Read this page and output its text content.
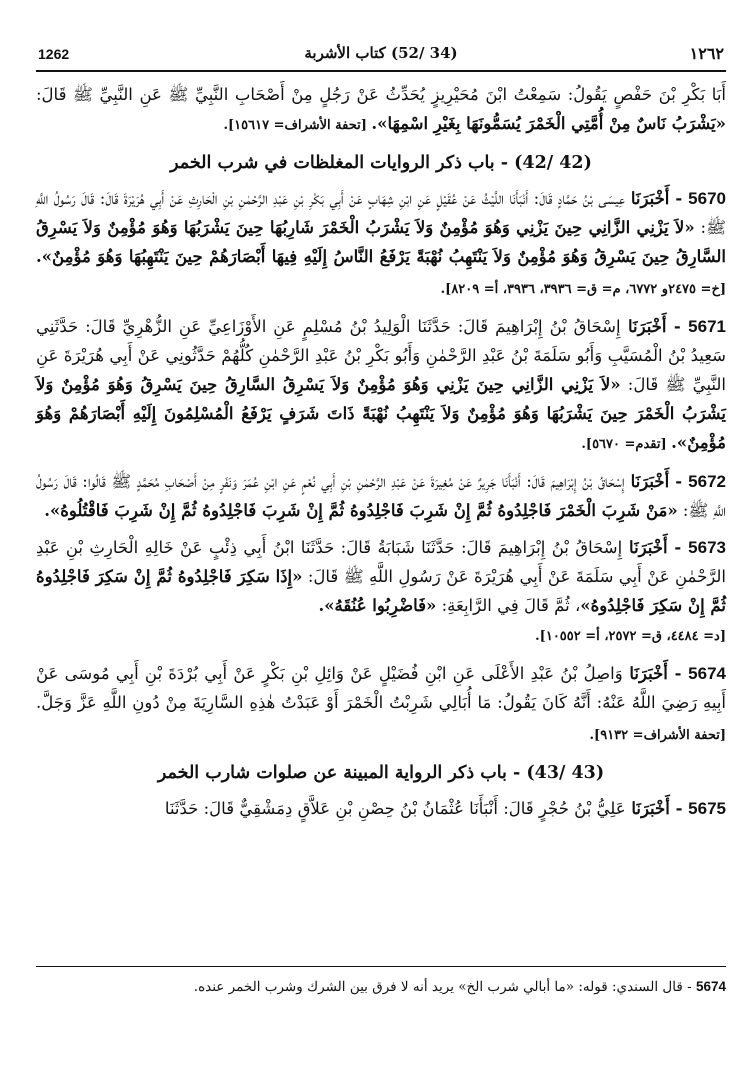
1262	(34 /52) كتاب الأشربة	١٢٦٢

أَبَا بَكْرِ بْنَ حَفْصٍ يَقُولُ: سَمِعْتُ ابْنَ مُحَيْرِيزٍ يُحَدِّثُ عَنْ رَجُلٍ مِنْ أَصْحَابِ النَّبِيِّ ﷺ عَنِ النَّبِيِّ ﷺ قَالَ: «يَشْرَبُ نَاسٌ مِنْ أُمَّتِي الْخَمْرَ يُسَمُّونَهَا بِغَيْرِ اسْمِهَا». [تحفة الأشراف= ١٥٦١٧].

(42 /42) - باب ذكر الروايات المغلظات في شرب الخمر

5670 - أَخْبَرَنَا عِيسَى بْنُ حَمَّادٍ قَالَ: أَنْبَأَنَا اللَّيْثُ عَنْ عُقَيْلٍ عَنِ ابْنِ شِهَابٍ عَنْ أَبِي بَكْرِ بْنِ عَبْدِ الرَّحْمٰنِ بْنِ الْحَارِثِ عَنْ أَبِي هُرَيْرَةَ قَالَ: قَالَ رَسُولُ اللَّهِ ﷺ: «لاَ يَزْنِي الزَّانِي حِينَ يَزْنِي وَهُوَ مُؤْمِنٌ وَلاَ يَشْرَبُ الْخَمْرَ شَارِبُهَا حِينَ يَشْرَبُهَا وَهُوَ مُؤْمِنٌ وَلاَ يَسْرِقُ السَّارِقُ حِينَ يَسْرِقُ وَهُوَ مُؤْمِنٌ وَلاَ يَنْتَهِبُ نُهْبَةً يَرْفَعُ النَّاسُ إِلَيْهِ فِيهَا أَبْصَارَهُمْ حِينَ يَنْتَهِبُهَا وَهُوَ مُؤْمِنٌ». [خ= ٢٤٧٥و ٦٧٧٢، م= ق= ٣٩٣٦، ٣٩٣٦، أ= ٨٢٠٩].

5671 - أَخْبَرَنَا إِسْحَاقُ بْنُ إِبْرَاهِيمَ قَالَ: حَدَّثَنَا الْوَلِيدُ بْنُ مُسْلِمٍ عَنِ الأَوْزَاعِيِّ عَنِ الزُّهْرِيِّ قَالَ: حَدَّثَنِي سَعِيدُ بْنُ الْمُسَيَّبِ وَأَبُو سَلَمَةَ بْنُ عَبْدِ الرَّحْمٰنِ وَأَبُو بَكْرِ بْنُ عَبْدِ الرَّحْمٰنِ كُلُّهُمْ حَدَّثُونِي عَنْ أَبِي هُرَيْرَةَ عَنِ النَّبِيِّ ﷺ قَالَ: «لاَ يَزْنِي الزَّانِي حِينَ يَزْنِي وَهُوَ مُؤْمِنٌ وَلاَ يَسْرِقُ السَّارِقُ حِينَ يَسْرِقُ وَهُوَ مُؤْمِنٌ وَلاَ يَشْرَبُ الْخَمْرَ حِينَ يَشْرَبُهَا وَهُوَ مُؤْمِنٌ وَلاَ يَنْتَهِبُ نُهْبَةً ذَاتَ شَرَفٍ يَرْفَعُ الْمُسْلِمُونَ إِلَيْهِ أَبْصَارَهُمْ وَهُوَ مُؤْمِنٌ». [تقدم= ٥٦٧٠].

5672 - أَخْبَرَنَا إِسْحَاقُ بْنُ إِبْرَاهِيمَ قَالَ: أَنْبَأَنَا جَرِيرٌ عَنْ مُغِيرَةَ عَنْ عَبْدِ الرَّحْمٰنِ بْنِ أَبِي نُعْمٍ عَنِ ابْنِ عُمَرَ وَنَفَرٍ مِنْ أَصْحَابِ مُحَمَّدٍ ﷺ قَالُوا: قَالَ رَسُولُ اللَّهِ ﷺ: «مَنْ شَرِبَ الْخَمْرَ فَاجْلِدُوهُ ثُمَّ إِنْ شَرِبَ فَاجْلِدُوهُ ثُمَّ إِنْ شَرِبَ فَاجْلِدُوهُ ثُمَّ إِنْ شَرِبَ فَاقْتُلُوهُ».

5673 - أَخْبَرَنَا إِسْحَاقُ بْنُ إِبْرَاهِيمَ قَالَ: حَدَّثَنَا شَبَابَةُ قَالَ: حَدَّثَنَا ابْنُ أَبِي ذِئْبٍ عَنْ خَالِهِ الْحَارِثِ بْنِ عَبْدِ الرَّحْمٰنِ عَنْ أَبِي سَلَمَةَ عَنْ أَبِي هُرَيْرَةَ عَنْ رَسُولِ اللَّهِ ﷺ قَالَ: «إِذَا سَكِرَ فَاجْلِدُوهُ ثُمَّ إِنْ سَكِرَ فَاجْلِدُوهُ ثُمَّ إِنْ سَكِرَ فَاجْلِدُوهُ»، ثُمَّ قَالَ فِي الرَّابِعَةِ: «فَاضْرِبُوا عُنُقَهُ».
[د= ٤٤٨٤، ق= ٢٥٧٢، أ= ١٠٥٥٢].

5674 - أَخْبَرَنَا وَاصِلُ بْنُ عَبْدِ الأَعْلَى عَنِ ابْنِ فُضَيْلٍ عَنْ وَائِلِ بْنِ بَكْرٍ عَنْ أَبِي بُرْدَةَ بْنِ أَبِي مُوسَى عَنْ أَبِيهِ رَضِيَ اللَّهُ عَنْهُ: أَنَّهُ كَانَ يَقُولُ: مَا أُبَالِي شَرِبْتُ الْخَمْرَ أَوْ عَبَدْتُ هٰذِهِ السَّارِيَةَ مِنْ دُونِ اللَّهِ عَزَّ وَجَلَّ. [تحفة الأشراف= ٩١٣٢].

(43 /43) - باب ذكر الرواية المبينة عن صلوات شارب الخمر

5675 - أَخْبَرَنَا عَلِيُّ بْنُ حُجْرٍ قَالَ: أَنْبَأَنَا عُثْمَانُ بْنُ حِصْنِ بْنِ عَلاَّقٍ دِمَشْقِيٌّ قَالَ: حَدَّثَنَا

5674 - قال السندي: قوله: «ما أبالي شرب الخ» يريد أنه لا فرق بين الشرك وشرب الخمر عنده.
